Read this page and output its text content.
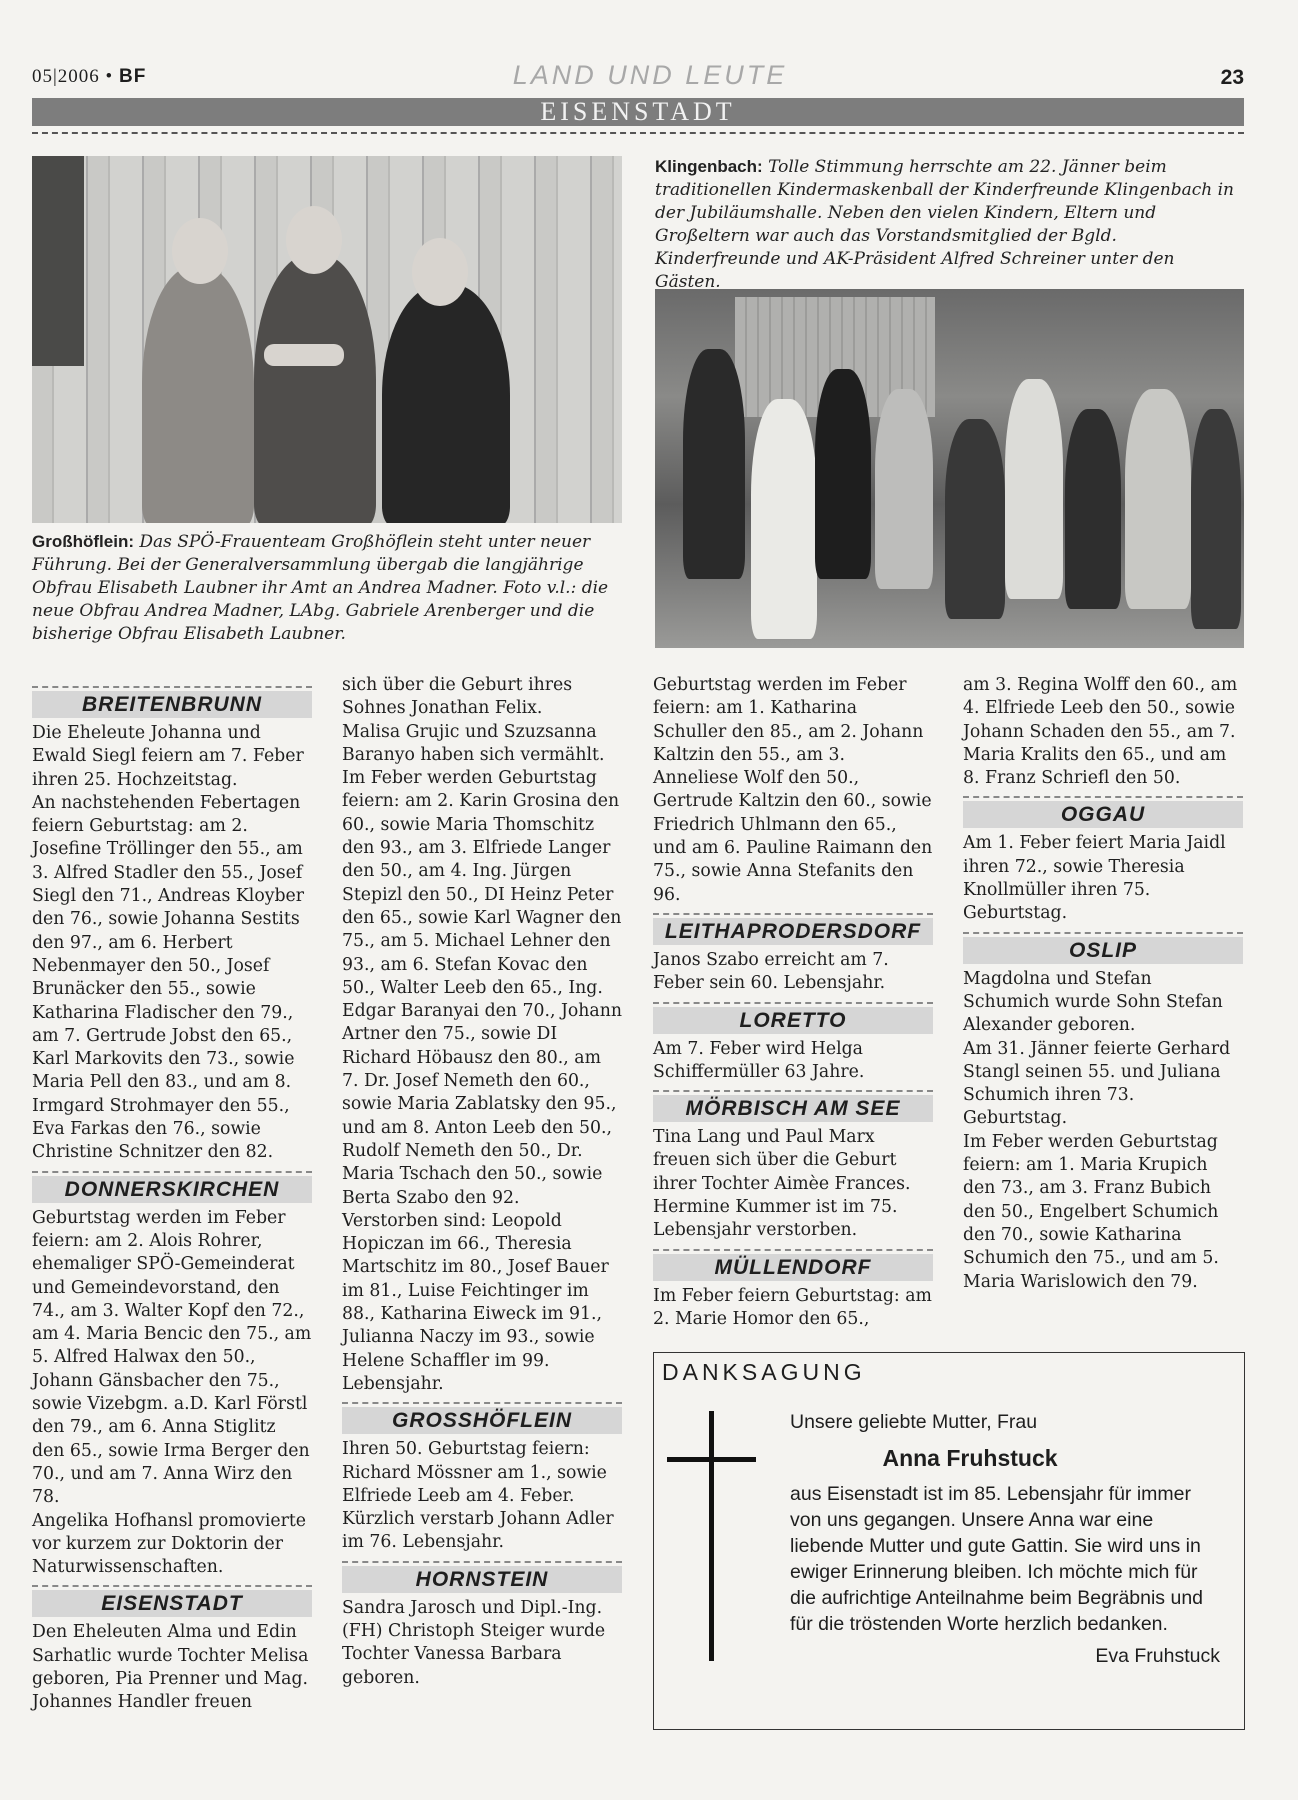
05|2006 • BF	LAND UND LEUTE	23
EISENSTADT
Großhöflein: Das SPÖ-Frauenteam Großhöflein steht unter neuer Führung. Bei der Generalversammlung übergab die langjährige Obfrau Elisabeth Laubner ihr Amt an Andrea Madner. Foto v.l.: die neue Obfrau Andrea Madner, LAbg. Gabriele Arenberger und die bisherige Obfrau Elisabeth Laubner.
Klingenbach: Tolle Stimmung herrschte am 22. Jänner beim traditionellen Kindermaskenball der Kinderfreunde Klingenbach in der Jubiläumshalle. Neben den vielen Kindern, Eltern und Großeltern war auch das Vorstandsmitglied der Bgld. Kinderfreunde und AK-Präsident Alfred Schreiner unter den Gästen.
BREITENBRUNN

Die Eheleute Johanna und Ewald Siegl feiern am 7. Feber ihren 25. Hochzeitstag.

An nachstehenden Febertagen feiern Geburtstag: am 2. Josefine Tröllinger den 55., am 3. Alfred Stadler den 55., Josef Siegl den 71., Andreas Kloyber den 76., sowie Johanna Sestits den 97., am 6. Herbert Nebenmayer den 50., Josef Brunäcker den 55., sowie Katharina Fladischer den 79., am 7. Gertrude Jobst den 65., Karl Markovits den 73., sowie Maria Pell den 83., und am 8. Irmgard Strohmayer den 55., Eva Farkas den 76., sowie Christine Schnitzer den 82.

DONNERSKIRCHEN

Geburtstag werden im Feber feiern: am 2. Alois Rohrer, ehemaliger SPÖ-Gemeinderat und Gemeindevorstand, den 74., am 3. Walter Kopf den 72., am 4. Maria Bencic den 75., am 5. Alfred Halwax den 50., Johann Gänsbacher den 75., sowie Vizebgm. a.D. Karl Förstl den 79., am 6. Anna Stiglitz den 65., sowie Irma Berger den 70., und am 7. Anna Wirz den 78.

Angelika Hofhansl promovierte vor kurzem zur Doktorin der Naturwissenschaften.

EISENSTADT

Den Eheleuten Alma und Edin Sarhatlic wurde Tochter Melisa geboren, Pia Prenner und Mag. Johannes Handler freuen

sich über die Geburt ihres Sohnes Jonathan Felix.

Malisa Grujic und Szuzsanna Baranyo haben sich vermählt.

Im Feber werden Geburtstag feiern: am 2. Karin Grosina den 60., sowie Maria Thomschitz den 93., am 3. Elfriede Langer den 50., am 4. Ing. Jürgen Stepizl den 50., DI Heinz Peter den 65., sowie Karl Wagner den 75., am 5. Michael Lehner den 93., am 6. Stefan Kovac den 50., Walter Leeb den 65., Ing. Edgar Baranyai den 70., Johann Artner den 75., sowie DI Richard Höbausz den 80., am 7. Dr. Josef Nemeth den 60., sowie Maria Zablatsky den 95., und am 8. Anton Leeb den 50., Rudolf Nemeth den 50., Dr. Maria Tschach den 50., sowie Berta Szabo den 92.

Verstorben sind: Leopold Hopiczan im 66., Theresia Martschitz im 80., Josef Bauer im 81., Luise Feichtinger im 88., Katharina Eiweck im 91., Julianna Naczy im 93., sowie Helene Schaffler im 99. Lebensjahr.

GROSSHÖFLEIN

Ihren 50. Geburtstag feiern: Richard Mössner am 1., sowie Elfriede Leeb am 4. Feber.

Kürzlich verstarb Johann Adler im 76. Lebensjahr.

HORNSTEIN

Sandra Jarosch und Dipl.-Ing. (FH) Christoph Steiger wurde Tochter Vanessa Barbara geboren.

Geburtstag werden im Feber feiern: am 1. Katharina Schuller den 85., am 2. Johann Kaltzin den 55., am 3. Anneliese Wolf den 50., Gertrude Kaltzin den 60., sowie Friedrich Uhlmann den 65., und am 6. Pauline Raimann den 75., sowie Anna Stefanits den 96.

LEITHAPRODERSDORF

Janos Szabo erreicht am 7. Feber sein 60. Lebensjahr.

LORETTO

Am 7. Feber wird Helga Schiffermüller 63 Jahre.

MÖRBISCH AM SEE

Tina Lang und Paul Marx freuen sich über die Geburt ihrer Tochter Aimèe Frances.

Hermine Kummer ist im 75. Lebensjahr verstorben.

MÜLLENDORF

Im Feber feiern Geburtstag: am 2. Marie Homor den 65.,

am 3. Regina Wolff den 60., am 4. Elfriede Leeb den 50., sowie Johann Schaden den 55., am 7. Maria Kralits den 65., und am 8. Franz Schriefl den 50.

OGGAU

Am 1. Feber feiert Maria Jaidl ihren 72., sowie Theresia Knollmüller ihren 75. Geburtstag.

OSLIP

Magdolna und Stefan Schumich wurde Sohn Stefan Alexander geboren.

Am 31. Jänner feierte Gerhard Stangl seinen 55. und Juliana Schumich ihren 73. Geburtstag.

Im Feber werden Geburtstag feiern: am 1. Maria Krupich den 73., am 3. Franz Bubich den 50., Engelbert Schumich den 70., sowie Katharina Schumich den 75., und am 5. Maria Warislowich den 79.

DANKSAGUNG
Unsere geliebte Mutter, Frau
Anna Fruhstuck
aus Eisenstadt ist im 85. Lebensjahr für immer von uns gegangen. Unsere Anna war eine liebende Mutter und gute Gattin. Sie wird uns in ewiger Erinnerung bleiben. Ich möchte mich für die aufrichtige Anteilnahme beim Begräbnis und für die tröstenden Worte herzlich bedanken.
Eva Fruhstuck
